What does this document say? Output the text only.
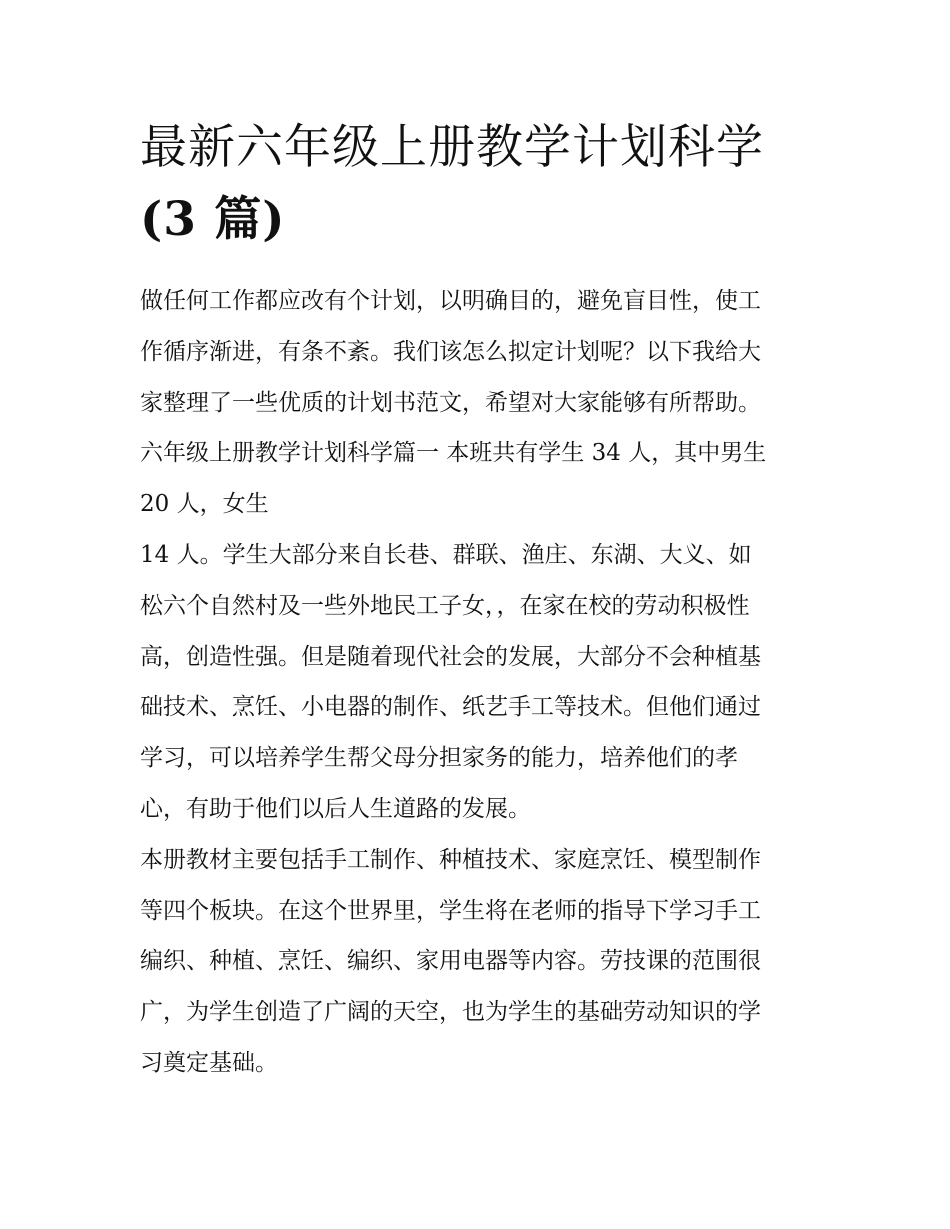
最新六年级上册教学计划科学
(3 篇)
做任何工作都应改有个计划，以明确目的，避免盲目性，使工
作循序渐进，有条不紊。我们该怎么拟定计划呢？以下我给大
家整理了一些优质的计划书范文，希望对大家能够有所帮助。
六年级上册教学计划科学篇一 本班共有学生 34 人，其中男生
20 人，女生
14 人。学生大部分来自长巷、群联、渔庄、东湖、大义、如
松六个自然村及一些外地民工子女，，在家在校的劳动积极性
高，创造性强。但是随着现代社会的发展，大部分不会种植基
础技术、烹饪、小电器的制作、纸艺手工等技术。但他们通过
学习，可以培养学生帮父母分担家务的能力，培养他们的孝
心，有助于他们以后人生道路的发展。
本册教材主要包括手工制作、种植技术、家庭烹饪、模型制作
等四个板块。在这个世界里，学生将在老师的指导下学习手工
编织、种植、烹饪、编织、家用电器等内容。劳技课的范围很
广，为学生创造了广阔的天空，也为学生的基础劳动知识的学
习奠定基础。
